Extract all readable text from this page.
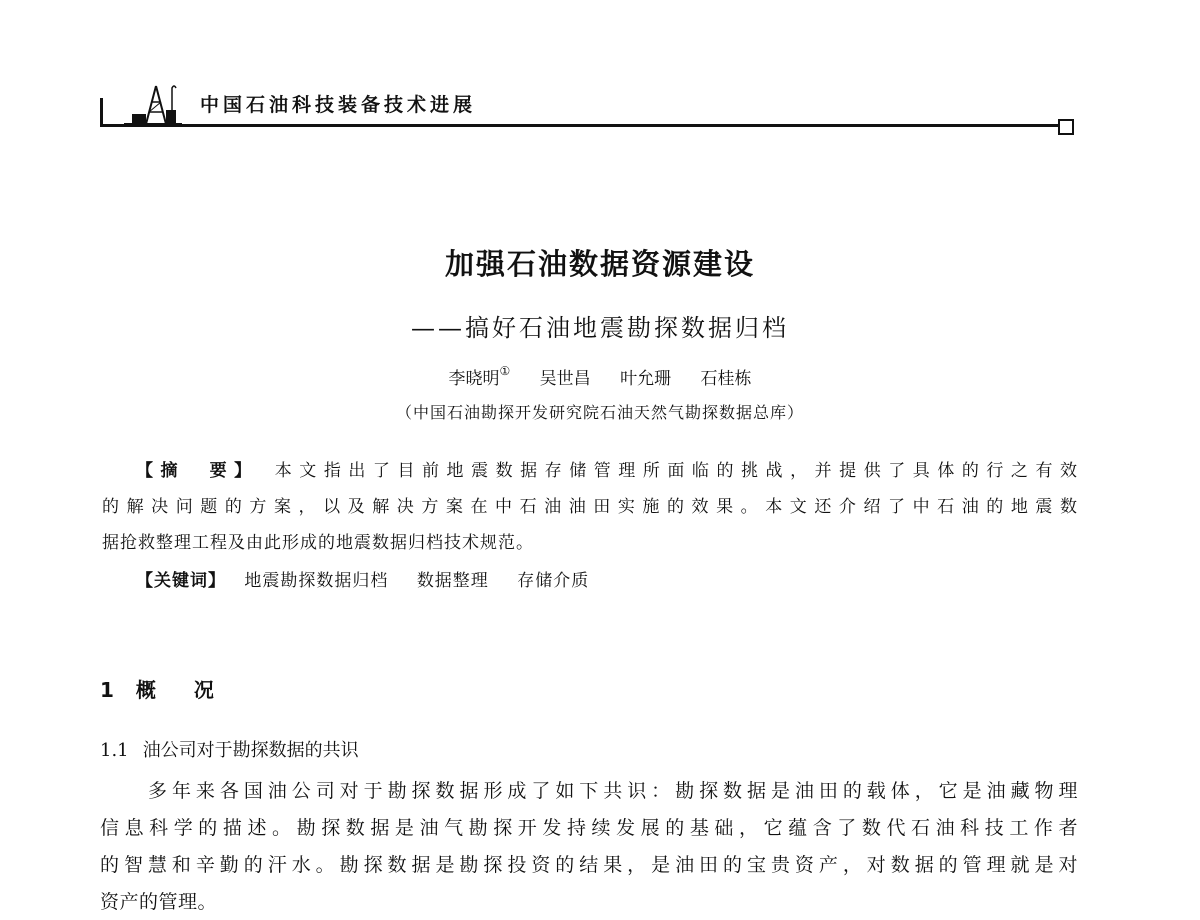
中国石油科技装备技术进展
加强石油数据资源建设
——搞好石油地震勘探数据归档
李晓明① 吴世昌 叶允珊 石桂栋
（中国石油勘探开发研究院石油天然气勘探数据总库）
【摘　要】　 本文指出了目前地震数据存储管理所面临的挑战，并提供了具体的行之有效
的解决问题的方案，以及解决方案在中石油油田实施的效果。本文还介绍了中石油的地震数
据抢救整理工程及由此形成的地震数据归档技术规范。
【关键词】 地震勘探数据归档 数据整理 存储介质
1 概 况
1.1 油公司对于勘探数据的共识
多年来各国油公司对于勘探数据形成了如下共识：勘探数据是油田的载体，它是油藏物理
信息科学的描述。勘探数据是油气勘探开发持续发展的基础，它蕴含了数代石油科技工作者
的智慧和辛勤的汗水。勘探数据是勘探投资的结果，是油田的宝贵资产，对数据的管理就是对
资产的管理。
